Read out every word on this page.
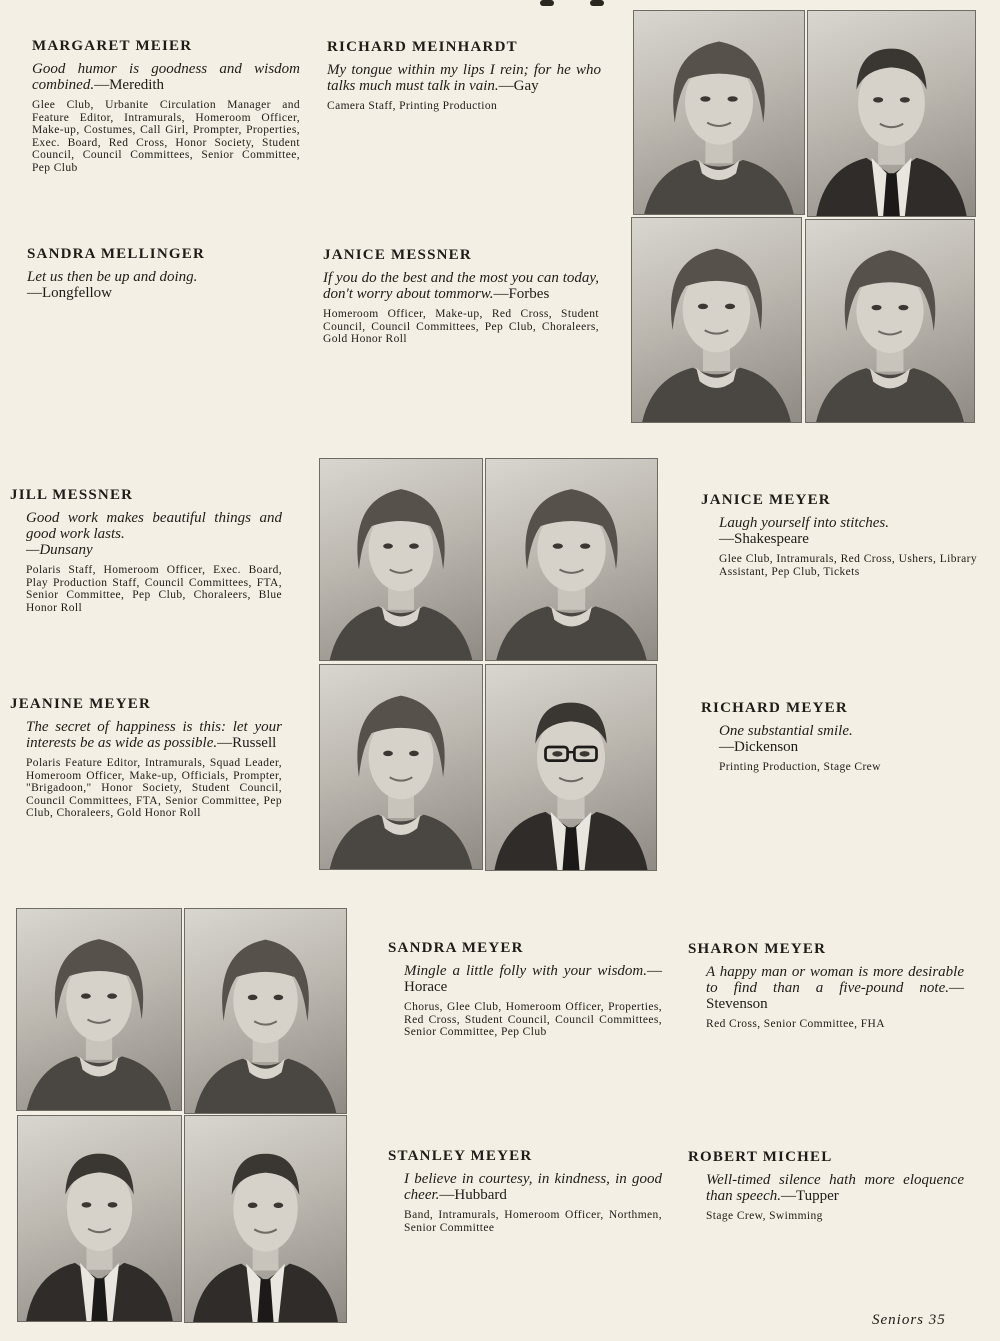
MARGARET MEIER
Good humor is goodness and wisdom combined.—Meredith
Glee Club, Urbanite Circulation Manager and Feature Editor, Intramurals, Homeroom Officer, Make-up, Costumes, Call Girl, Prompter, Properties, Exec. Board, Red Cross, Honor Society, Student Council, Council Committees, Senior Committee, Pep Club
RICHARD MEINHARDT
My tongue within my lips I rein; for he who talks much must talk in vain.—Gay
Camera Staff, Printing Production
SANDRA MELLINGER
Let us then be up and doing.
—Longfellow
JANICE MESSNER
If you do the best and the most you can today, don't worry about tommorw.—Forbes
Homeroom Officer, Make-up, Red Cross, Student Council, Council Committees, Pep Club, Choraleers, Gold Honor Roll
JILL MESSNER
Good work makes beautiful things and good work lasts.
—Dunsany
Polaris Staff, Homeroom Officer, Exec. Board, Play Production Staff, Council Committees, FTA, Senior Committee, Pep Club, Choraleers, Blue Honor Roll
JANICE MEYER
Laugh yourself into stitches.
—Shakespeare
Glee Club, Intramurals, Red Cross, Ushers, Library Assistant, Pep Club, Tickets
JEANINE MEYER
The secret of happiness is this: let your interests be as wide as possible.—Russell
Polaris Feature Editor, Intramurals, Squad Leader, Homeroom Officer, Make-up, Officials, Prompter, "Brigadoon," Honor Society, Student Council, Council Committees, FTA, Senior Committee, Pep Club, Choraleers, Gold Honor Roll
RICHARD MEYER
One substantial smile.
—Dickenson
Printing Production, Stage Crew
SANDRA MEYER
Mingle a little folly with your wisdom.—Horace
Chorus, Glee Club, Homeroom Officer, Properties, Red Cross, Student Council, Council Committees, Senior Committee, Pep Club
SHARON MEYER
A happy man or woman is more desirable to find than a five-pound note.—Stevenson
Red Cross, Senior Committee, FHA
STANLEY MEYER
I believe in courtesy, in kindness, in good cheer.—Hubbard
Band, Intramurals, Homeroom Officer, Northmen, Senior Committee
ROBERT MICHEL
Well-timed silence hath more eloquence than speech.—Tupper
Stage Crew, Swimming
Seniors 35
